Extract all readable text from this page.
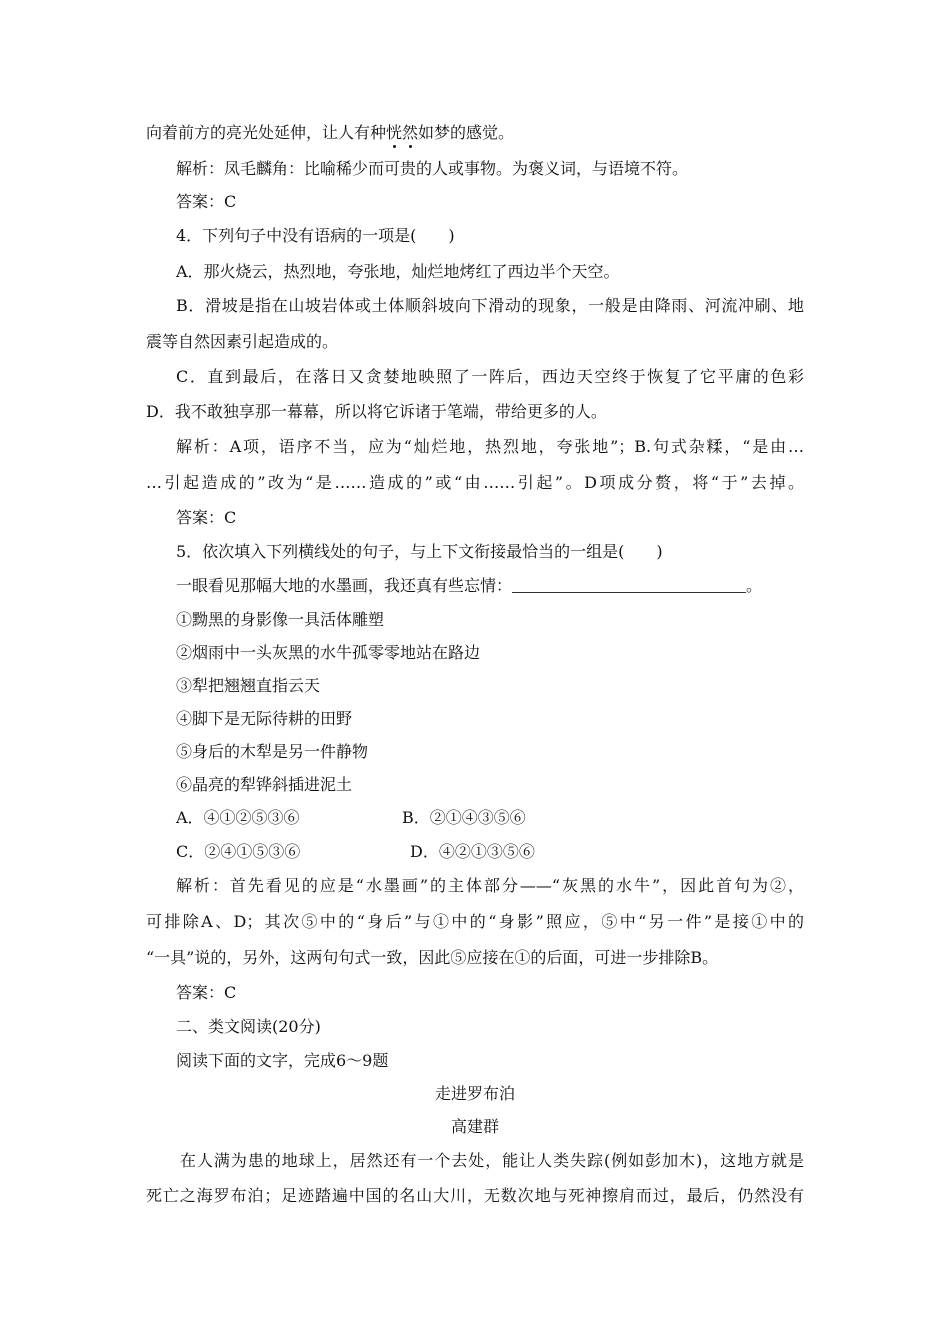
向着前方的亮光处延伸，让人有种恍然如梦的感觉。
解析：凤毛麟角：比喻稀少而可贵的人或事物。为褒义词，与语境不符。
答案：C
4．下列句子中没有语病的一项是(　　)
A．那火烧云，热烈地，夸张地，灿烂地烤红了西边半个天空。
B．滑坡是指在山坡岩体或土体顺斜坡向下滑动的现象，一般是由降雨、河流冲刷、地
震等自然因素引起造成的。
C．直到最后，在落日又贪婪地映照了一阵后，西边天空终于恢复了它平庸的色彩
D．我不敢独享那一幕幕，所以将它诉诸于笔端，带给更多的人。
解析：A项，语序不当，应为“灿烂地，热烈地，夸张地”；B.句式杂糅，“是由…
…引起造成的”改为“是……造成的”或“由……引起”。D项成分赘，将“于”去掉。
答案：C
5．依次填入下列横线处的句子，与上下文衔接最恰当的一组是(　　)
一眼看见那幅大地的水墨画，我还真有些忘情：	。
①黝黑的身影像一具活体雕塑
②烟雨中一头灰黑的水牛孤零零地站在路边
③犁把翘翘直指云天
④脚下是无际待耕的田野
⑤身后的木犁是另一件静物
⑥晶亮的犁铧斜插进泥土
A．④①②⑤③⑥	B．②①④③⑤⑥
C．②④①⑤③⑥	D．④②①③⑤⑥
解析：首先看见的应是“水墨画”的主体部分——“灰黑的水牛”，因此首句为②，
可排除A、D；其次⑤中的“身后”与①中的“身影”照应，⑤中“另一件”是接①中的
“一具”说的，另外，这两句句式一致，因此⑤应接在①的后面，可进一步排除B。
答案：C
二、类文阅读(20分)
阅读下面的文字，完成6～9题
走进罗布泊
高建群
在人满为患的地球上，居然还有一个去处，能让人类失踪(例如彭加木)，这地方就是
死亡之海罗布泊；足迹踏遍中国的名山大川，无数次地与死神擦肩而过，最后，仍然没有
